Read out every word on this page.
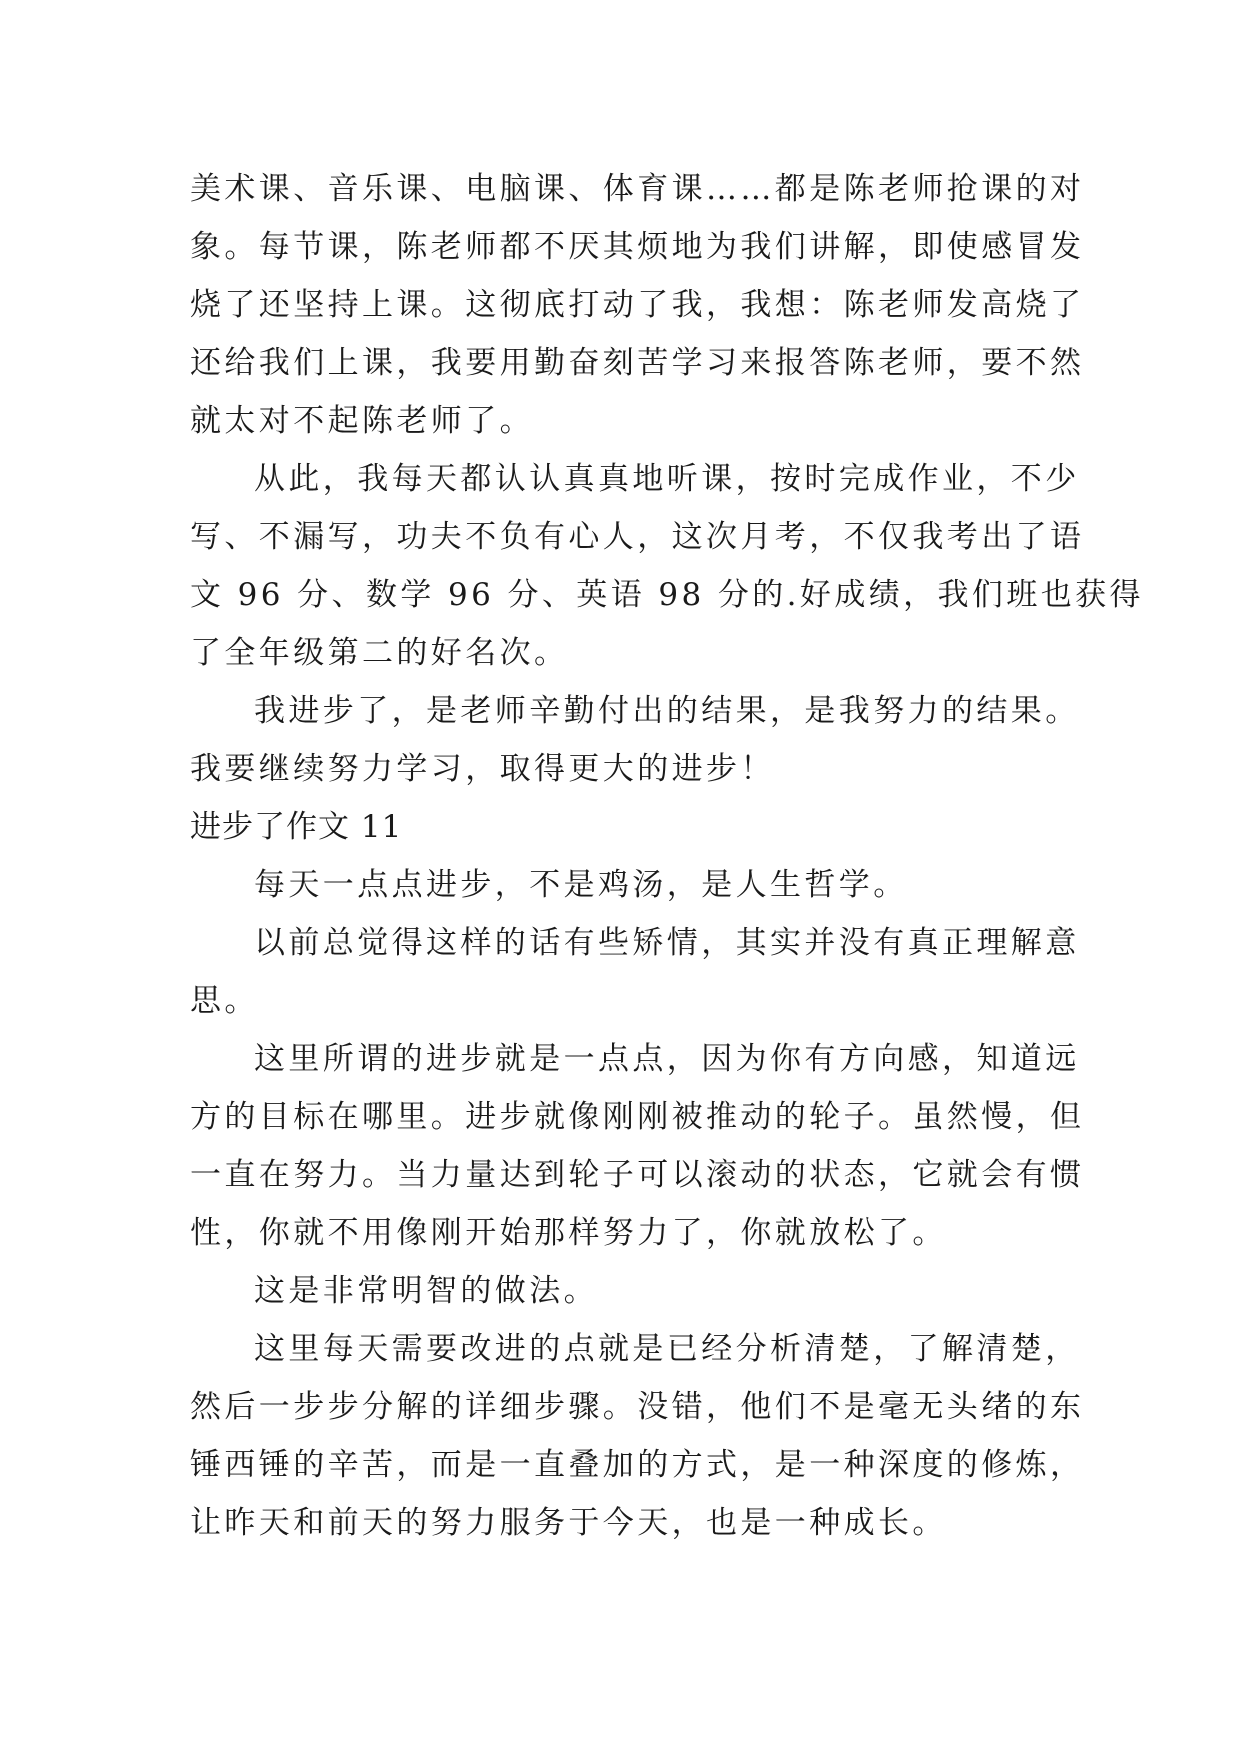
美术课、音乐课、电脑课、体育课……都是陈老师抢课的对
象。每节课，陈老师都不厌其烦地为我们讲解，即使感冒发
烧了还坚持上课。这彻底打动了我，我想：陈老师发高烧了
还给我们上课，我要用勤奋刻苦学习来报答陈老师，要不然
就太对不起陈老师了。
从此，我每天都认认真真地听课，按时完成作业，不少
写、不漏写，功夫不负有心人，这次月考，不仅我考出了语
文 96 分、数学 96 分、英语 98 分的.好成绩，我们班也获得
了全年级第二的好名次。
我进步了，是老师辛勤付出的结果，是我努力的结果。
我要继续努力学习，取得更大的进步！
进步了作文 11
每天一点点进步，不是鸡汤，是人生哲学。
以前总觉得这样的话有些矫情，其实并没有真正理解意
思。
这里所谓的进步就是一点点，因为你有方向感，知道远
方的目标在哪里。进步就像刚刚被推动的轮子。虽然慢，但
一直在努力。当力量达到轮子可以滚动的状态，它就会有惯
性，你就不用像刚开始那样努力了，你就放松了。
这是非常明智的做法。
这里每天需要改进的点就是已经分析清楚，了解清楚，
然后一步步分解的详细步骤。没错，他们不是毫无头绪的东
锤西锤的辛苦，而是一直叠加的方式，是一种深度的修炼，
让昨天和前天的努力服务于今天，也是一种成长。
